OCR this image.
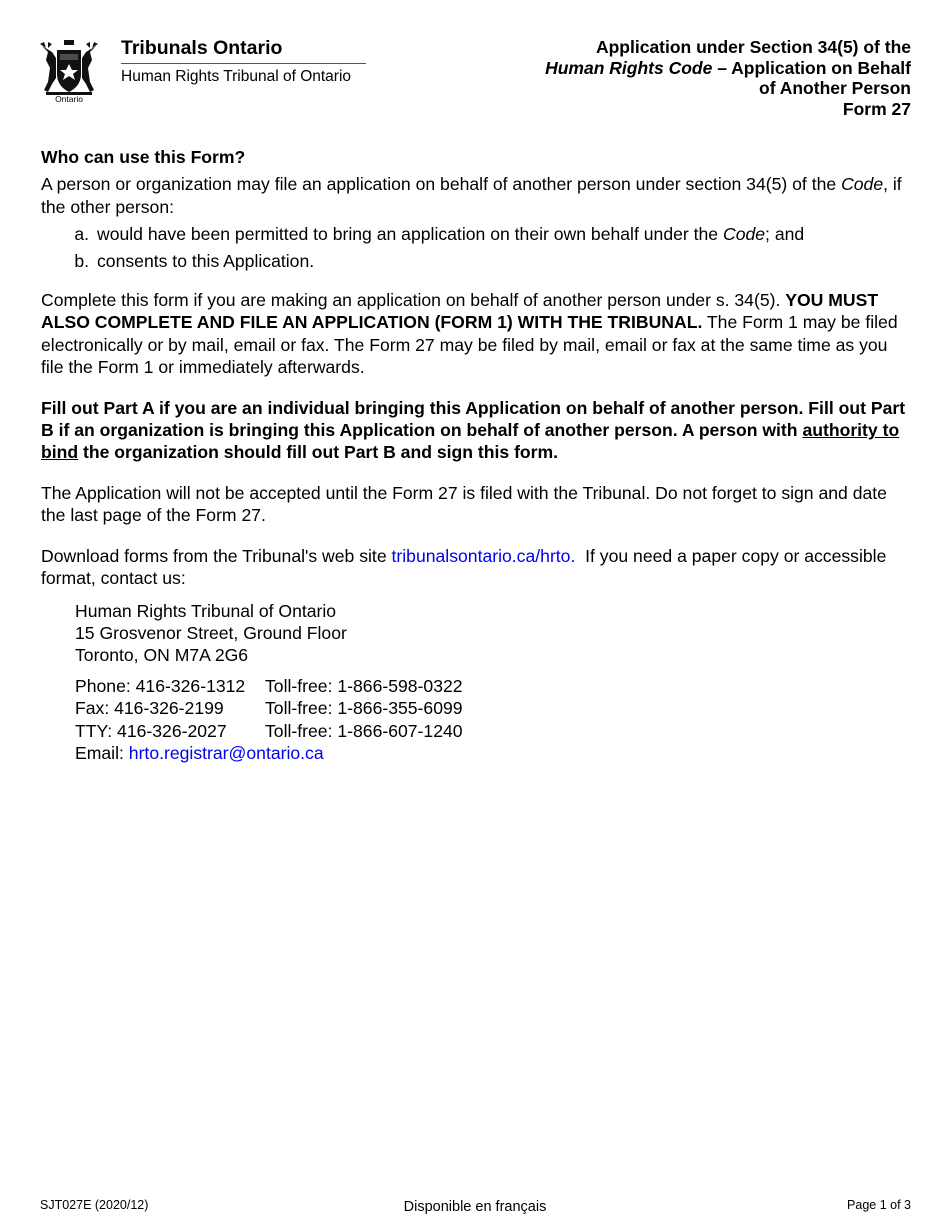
Ontario
Tribunals Ontario
Human Rights Tribunal of Ontario
Application under Section 34(5) of the
Human Rights Code – Application on Behalf
of Another Person
Form 27

Who can use this Form?

A person or organization may file an application on behalf of another person under section 34(5) of the Code, if the other person:

a. would have been permitted to bring an application on their own behalf under the Code; and
b. consents to this Application.

Complete this form if you are making an application on behalf of another person under s. 34(5). YOU MUST ALSO COMPLETE AND FILE AN APPLICATION (FORM 1) WITH THE TRIBUNAL. The Form 1 may be filed electronically or by mail, email or fax. The Form 27 may be filed by mail, email or fax at the same time as you file the Form 1 or immediately afterwards.

Fill out Part A if you are an individual bringing this Application on behalf of another person. Fill out Part B if an organization is bringing this Application on behalf of another person. A person with authority to bind the organization should fill out Part B and sign this form.

The Application will not be accepted until the Form 27 is filed with the Tribunal. Do not forget to sign and date the last page of the Form 27.

Download forms from the Tribunal's web site tribunalsontario.ca/hrto.  If you need a paper copy or accessible format, contact us:

Human Rights Tribunal of Ontario
15 Grosvenor Street, Ground Floor
Toronto, ON M7A 2G6
Phone: 416-326-1312	Toll-free: 1-866-598-0322
Fax: 416-326-2199	Toll-free: 1-866-355-6099
TTY: 416-326-2027	Toll-free: 1-866-607-1240
Email: hrto.registrar@ontario.ca
SJT027E (2020/12)	Disponible en français	Page 1 of 3
